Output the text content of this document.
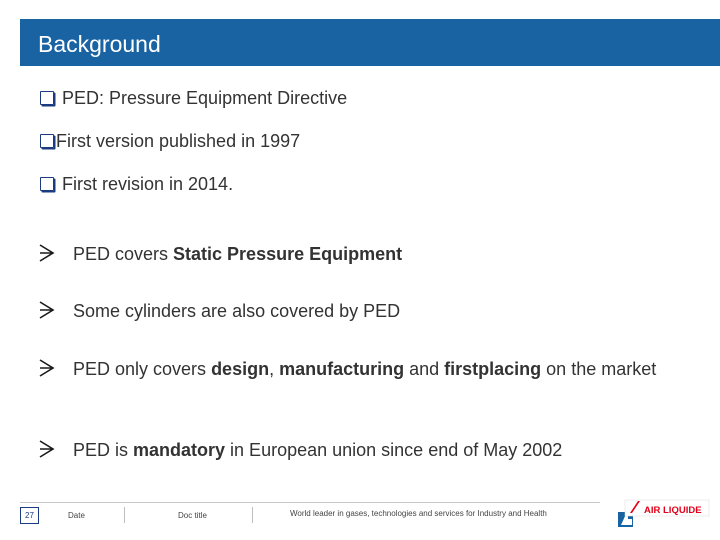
Background
PED: Pressure Equipment Directive
First version published in 1997
First revision in 2014.
PED covers Static Pressure Equipment
Some cylinders are also covered by PED
PED only covers design, manufacturing and firstplacing on the market
PED is mandatory in European union since end of May 2002
27	Date	Doc title	World leader in gases, technologies and services for Industry and Health	AIR LIQUIDE
